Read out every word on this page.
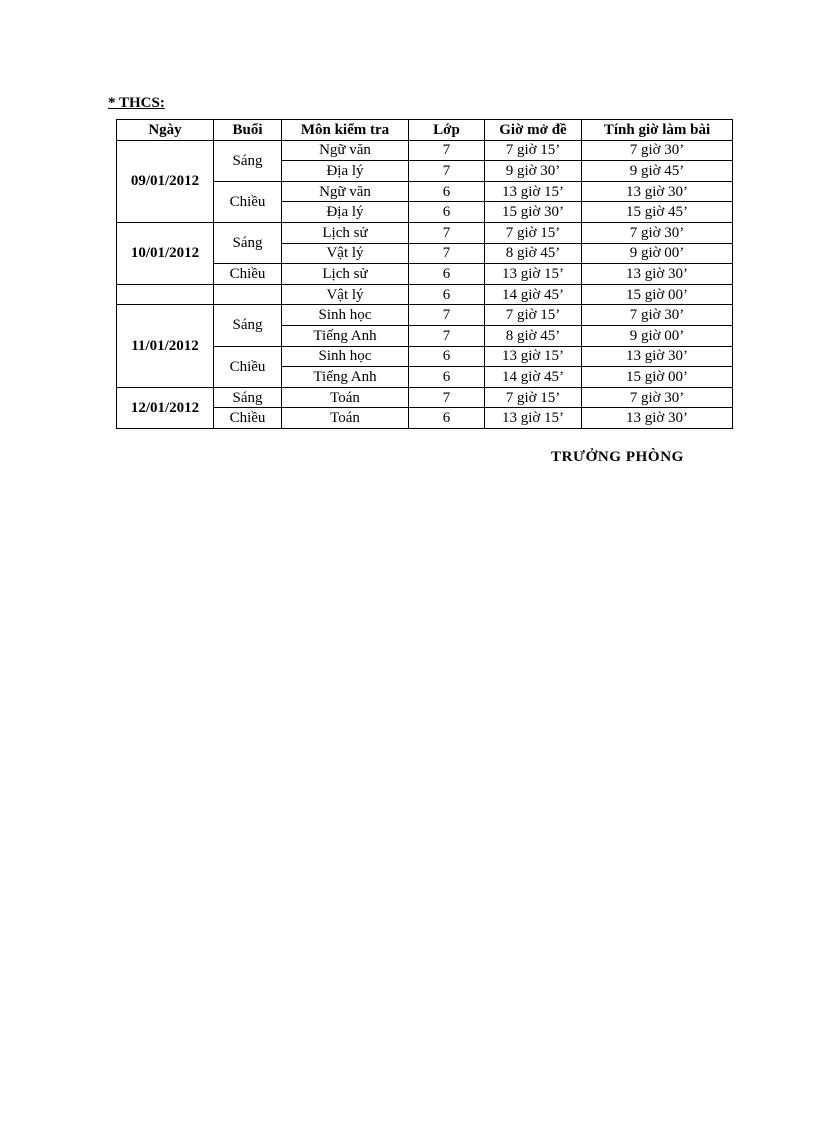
* THCS:

Ngày	Buổi	Môn kiểm tra	Lớp	Giờ mở đề	Tính giờ làm bài
09/01/2012	Sáng	Ngữ văn	7	7 giờ 15’	7 giờ 30’
		Địa lý	7	9 giờ 30’	9 giờ 45’
	Chiều	Ngữ văn	6	13 giờ 15’	13 giờ 30’
		Địa lý	6	15 giờ 30’	15 giờ 45’
10/01/2012	Sáng	Lịch sử	7	7 giờ 15’	7 giờ 30’
		Vật lý	7	8 giờ 45’	9 giờ 00’
	Chiều	Lịch sử	6	13 giờ 15’	13 giờ 30’
		Vật lý	6	14 giờ 45’	15 giờ 00’
11/01/2012	Sáng	Sinh học	7	7 giờ 15’	7 giờ 30’
		Tiếng Anh	7	8 giờ 45’	9 giờ 00’
	Chiều	Sinh học	6	13 giờ 15’	13 giờ 30’
		Tiếng Anh	6	14 giờ 45’	15 giờ 00’
12/01/2012	Sáng	Toán	7	7 giờ 15’	7 giờ 30’
	Chiều	Toán	6	13 giờ 15’	13 giờ 30’

TRƯỞNG PHÒNG
